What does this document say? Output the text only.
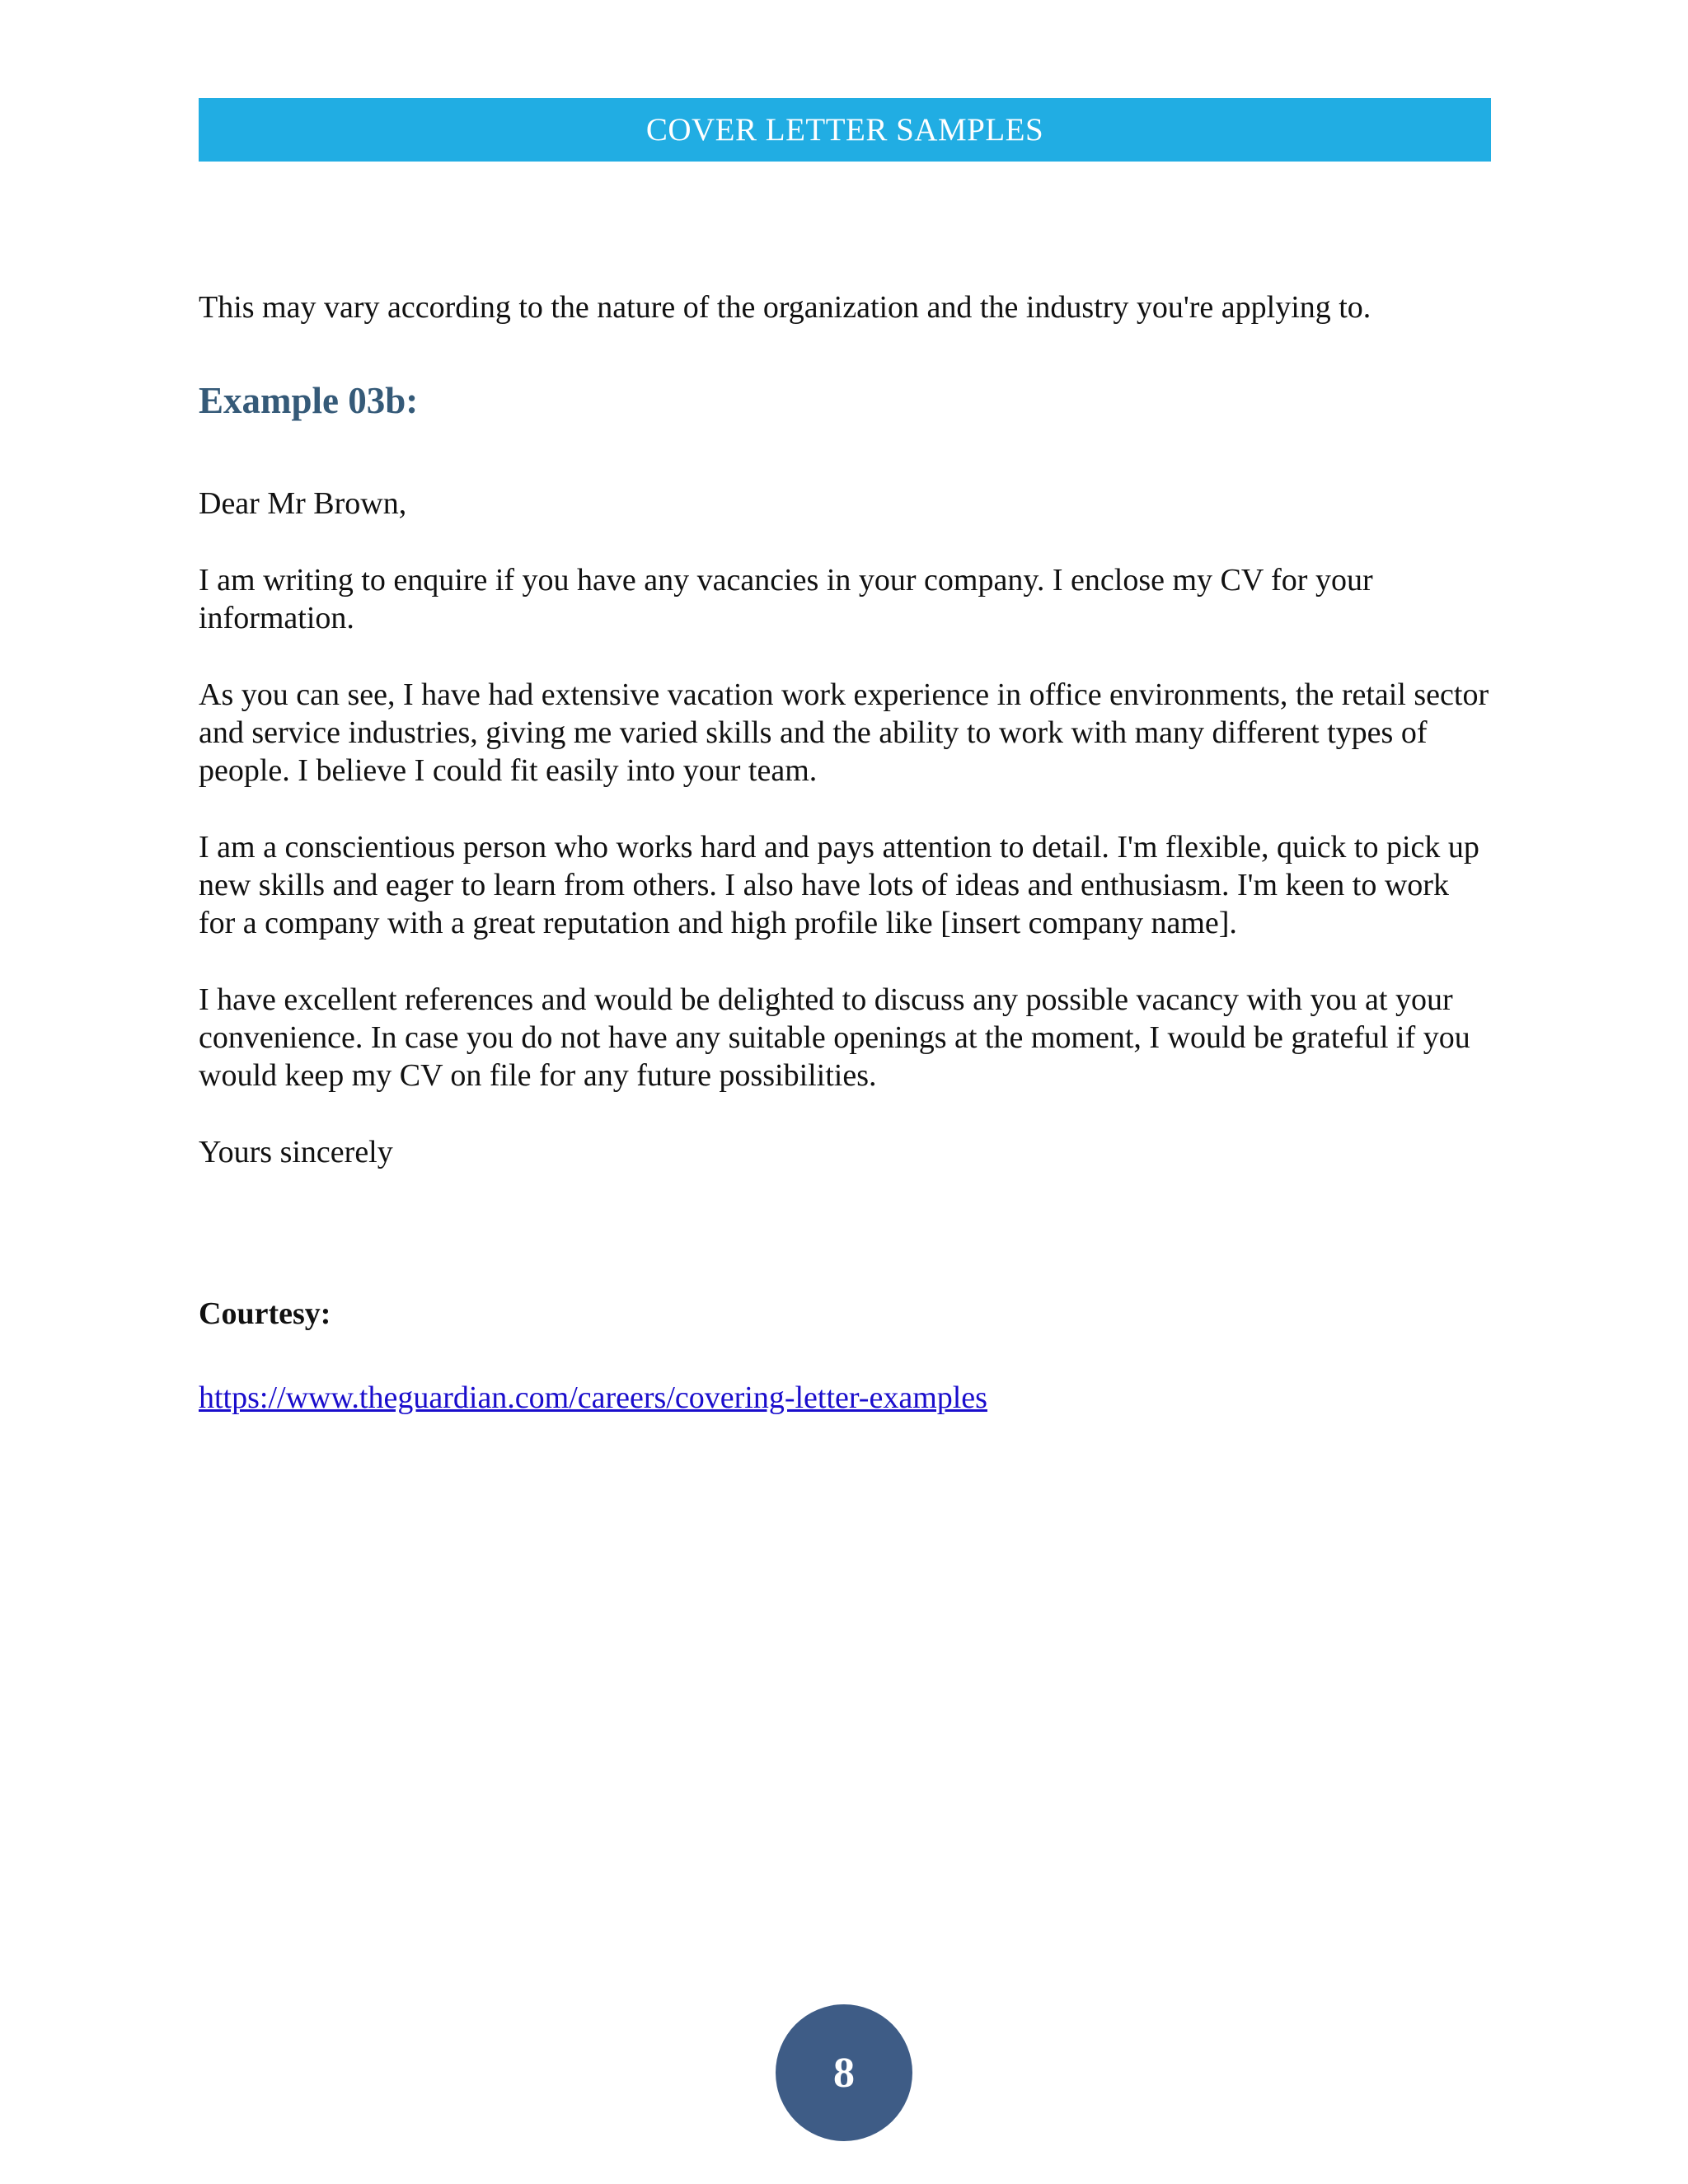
COVER LETTER SAMPLES

This may vary according to the nature of the organization and the industry you're applying to.

Example 03b:

Dear Mr Brown,

I am writing to enquire if you have any vacancies in your company. I enclose my CV for your information.

As you can see, I have had extensive vacation work experience in office environments, the retail sector and service industries, giving me varied skills and the ability to work with many different types of people. I believe I could fit easily into your team.

I am a conscientious person who works hard and pays attention to detail. I'm flexible, quick to pick up new skills and eager to learn from others. I also have lots of ideas and enthusiasm. I'm keen to work for a company with a great reputation and high profile like [insert company name].

I have excellent references and would be delighted to discuss any possible vacancy with you at your convenience. In case you do not have any suitable openings at the moment, I would be grateful if you would keep my CV on file for any future possibilities.

Yours sincerely

Courtesy:

https://www.theguardian.com/careers/covering-letter-examples

8
